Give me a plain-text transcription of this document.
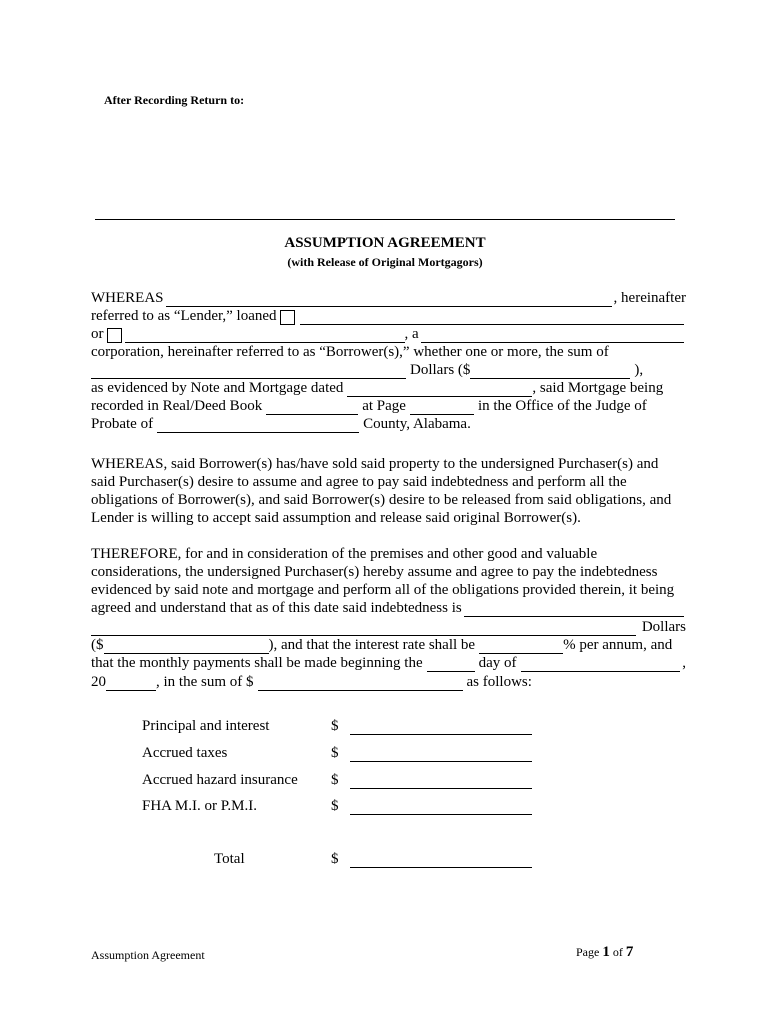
After Recording Return to:
ASSUMPTION AGREEMENT
(with Release of Original Mortgagors)
WHEREAS	, hereinafter
referred to as “Lender,” loaned
or	, a
corporation, hereinafter referred to as “Borrower(s),” whether one or more, the sum of
Dollars ($	),
as evidenced by Note and Mortgage dated	, said Mortgage being
recorded in Real/Deed Book	at Page	in the Office of the Judge of
Probate of	County, Alabama.
WHEREAS, said Borrower(s) has/have sold said property to the undersigned Purchaser(s) and
said Purchaser(s) desire to assume and agree to pay said indebtedness and perform all the
obligations of Borrower(s), and said Borrower(s) desire to be released from said obligations, and
Lender is willing to accept said assumption and release said original Borrower(s).
THEREFORE, for and in consideration of the premises and other good and valuable
considerations, the undersigned Purchaser(s) hereby assume and agree to pay the indebtedness
evidenced by said note and mortgage and perform all of the obligations provided therein, it being
agreed and understand that as of this date said indebtedness is
Dollars
($	), and that the interest rate shall be	% per annum, and
that the monthly payments shall be made beginning the	day of	,
20	, in the sum of $	as follows:
Principal and interest	$
Accrued taxes	$
Accrued hazard insurance $
FHA M.I. or P.M.I.	$
Total	$
Assumption Agreement	Page 1 of 7
